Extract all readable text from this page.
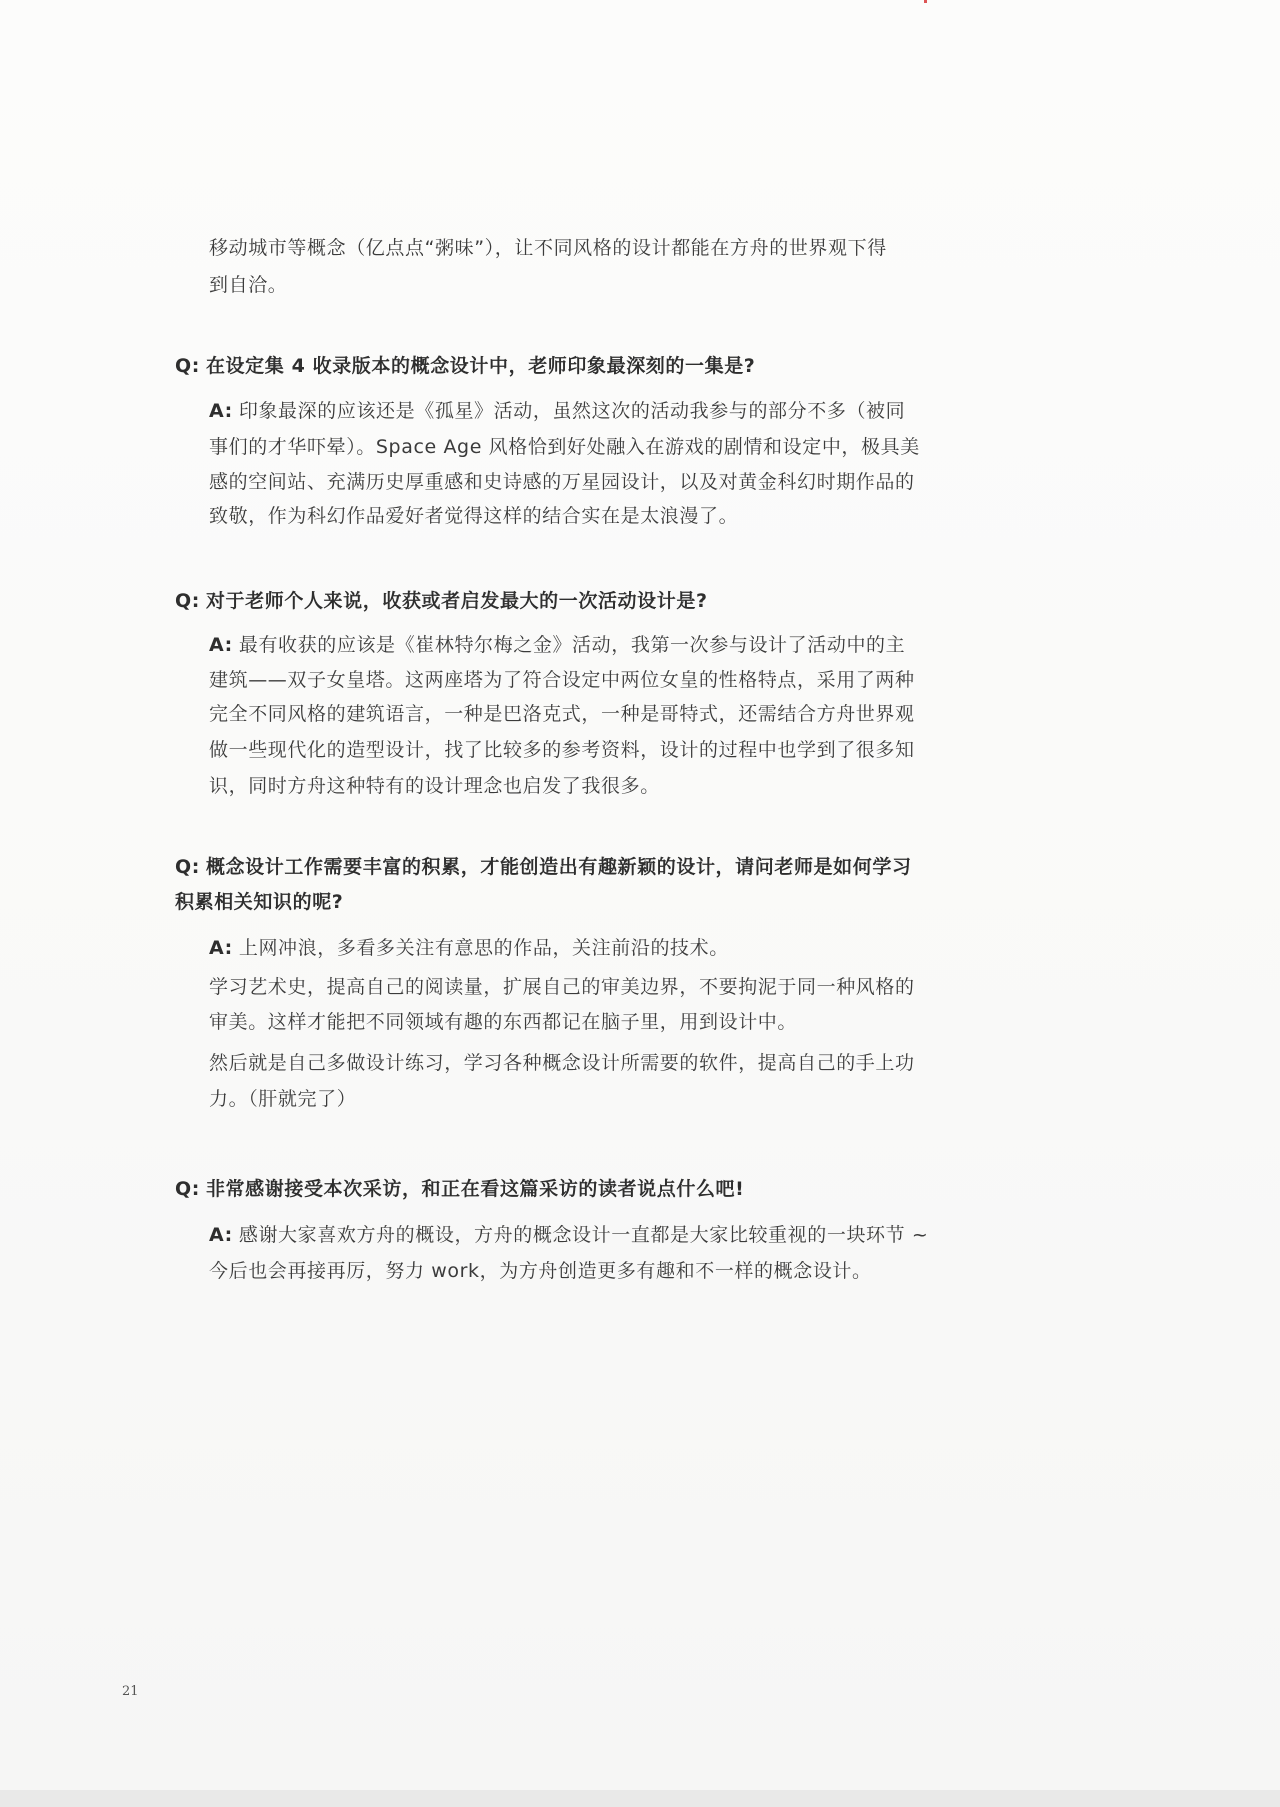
移动城市等概念（亿点点“粥味”），让不同风格的设计都能在方舟的世界观下得
到自洽。
Q: 在设定集 4 收录版本的概念设计中，老师印象最深刻的一集是?
A: 印象最深的应该还是《孤星》活动，虽然这次的活动我参与的部分不多（被同
事们的才华吓晕）。Space Age 风格恰到好处融入在游戏的剧情和设定中，极具美
感的空间站、充满历史厚重感和史诗感的万星园设计，以及对黄金科幻时期作品的
致敬，作为科幻作品爱好者觉得这样的结合实在是太浪漫了。
Q: 对于老师个人来说，收获或者启发最大的一次活动设计是?
A: 最有收获的应该是《崔林特尔梅之金》活动，我第一次参与设计了活动中的主
建筑——双子女皇塔。这两座塔为了符合设定中两位女皇的性格特点，采用了两种
完全不同风格的建筑语言，一种是巴洛克式，一种是哥特式，还需结合方舟世界观
做一些现代化的造型设计，找了比较多的参考资料，设计的过程中也学到了很多知
识，同时方舟这种特有的设计理念也启发了我很多。
Q: 概念设计工作需要丰富的积累，才能创造出有趣新颖的设计，请问老师是如何学习
积累相关知识的呢?
A: 上网冲浪，多看多关注有意思的作品，关注前沿的技术。
学习艺术史，提高自己的阅读量，扩展自己的审美边界，不要拘泥于同一种风格的
审美。这样才能把不同领域有趣的东西都记在脑子里，用到设计中。
然后就是自己多做设计练习，学习各种概念设计所需要的软件，提高自己的手上功
力。（肝就完了）
Q: 非常感谢接受本次采访，和正在看这篇采访的读者说点什么吧!
A: 感谢大家喜欢方舟的概设，方舟的概念设计一直都是大家比较重视的一块环节 ~
今后也会再接再厉，努力 work，为方舟创造更多有趣和不一样的概念设计。
21
